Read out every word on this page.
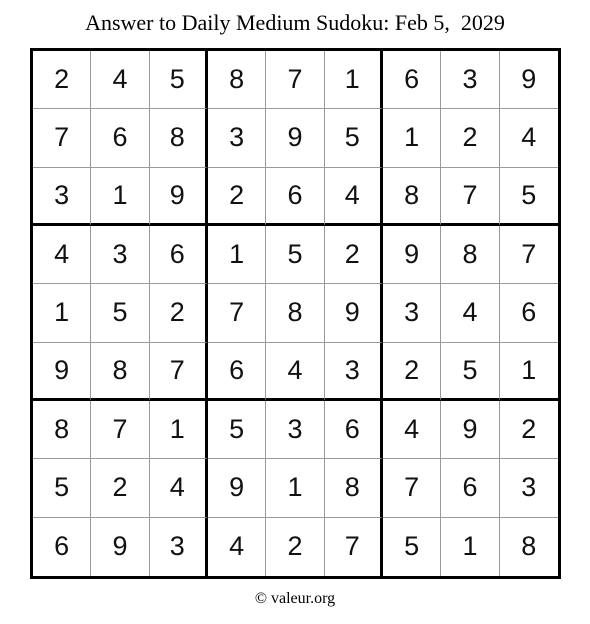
Answer to Daily Medium Sudoku: Feb 5,  2029
2	4	5	8	7	1	6	3	9
7	6	8	3	9	5	1	2	4
3	1	9	2	6	4	8	7	5
4	3	6	1	5	2	9	8	7
1	5	2	7	8	9	3	4	6
9	8	7	6	4	3	2	5	1
8	7	1	5	3	6	4	9	2
5	2	4	9	1	8	7	6	3
6	9	3	4	2	7	5	1	8
© valeur.org
